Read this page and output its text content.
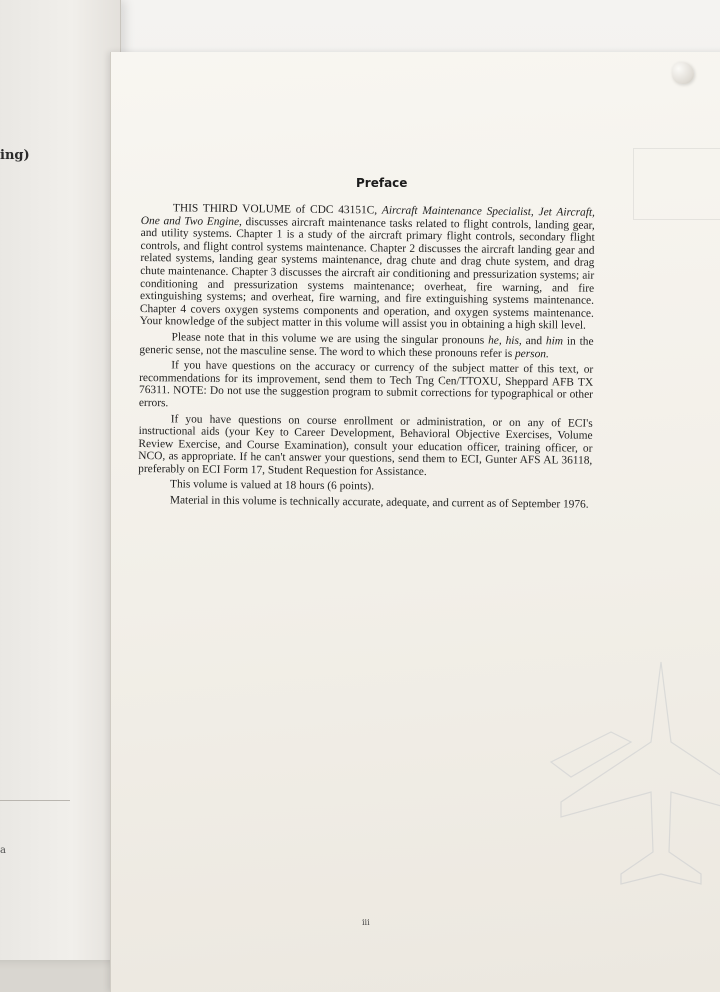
ing)
a
Preface

THIS THIRD VOLUME of CDC 43151C, Aircraft Maintenance Specialist, Jet Aircraft, One and Two Engine, discusses aircraft maintenance tasks related to flight controls, landing gear, and utility systems. Chapter 1 is a study of the aircraft primary flight controls, secondary flight controls, and flight control systems maintenance. Chapter 2 discusses the aircraft landing gear and related systems, landing gear systems maintenance, drag chute and drag chute system, and drag chute maintenance. Chapter 3 discusses the aircraft air conditioning and pressurization systems; air conditioning and pressurization systems maintenance; overheat, fire warning, and fire extinguishing systems; and overheat, fire warning, and fire extinguishing systems maintenance. Chapter 4 covers oxygen systems components and operation, and oxygen systems maintenance. Your knowledge of the subject matter in this volume will assist you in obtaining a high skill level.

Please note that in this volume we are using the singular pronouns he, his, and him in the generic sense, not the masculine sense. The word to which these pronouns refer is person.

If you have questions on the accuracy or currency of the subject matter of this text, or recommendations for its improvement, send them to Tech Tng Cen/TTOXU, Sheppard AFB TX 76311. NOTE: Do not use the suggestion program to submit corrections for typographical or other errors.

If you have questions on course enrollment or administration, or on any of ECI's instructional aids (your Key to Career Development, Behavioral Objective Exercises, Volume Review Exercise, and Course Examination), consult your education officer, training officer, or NCO, as appropriate. If he can't answer your questions, send them to ECI, Gunter AFS AL 36118, preferably on ECI Form 17, Student Requestion for Assistance.

This volume is valued at 18 hours (6 points).

Material in this volume is technically accurate, adequate, and current as of September 1976.

iii
